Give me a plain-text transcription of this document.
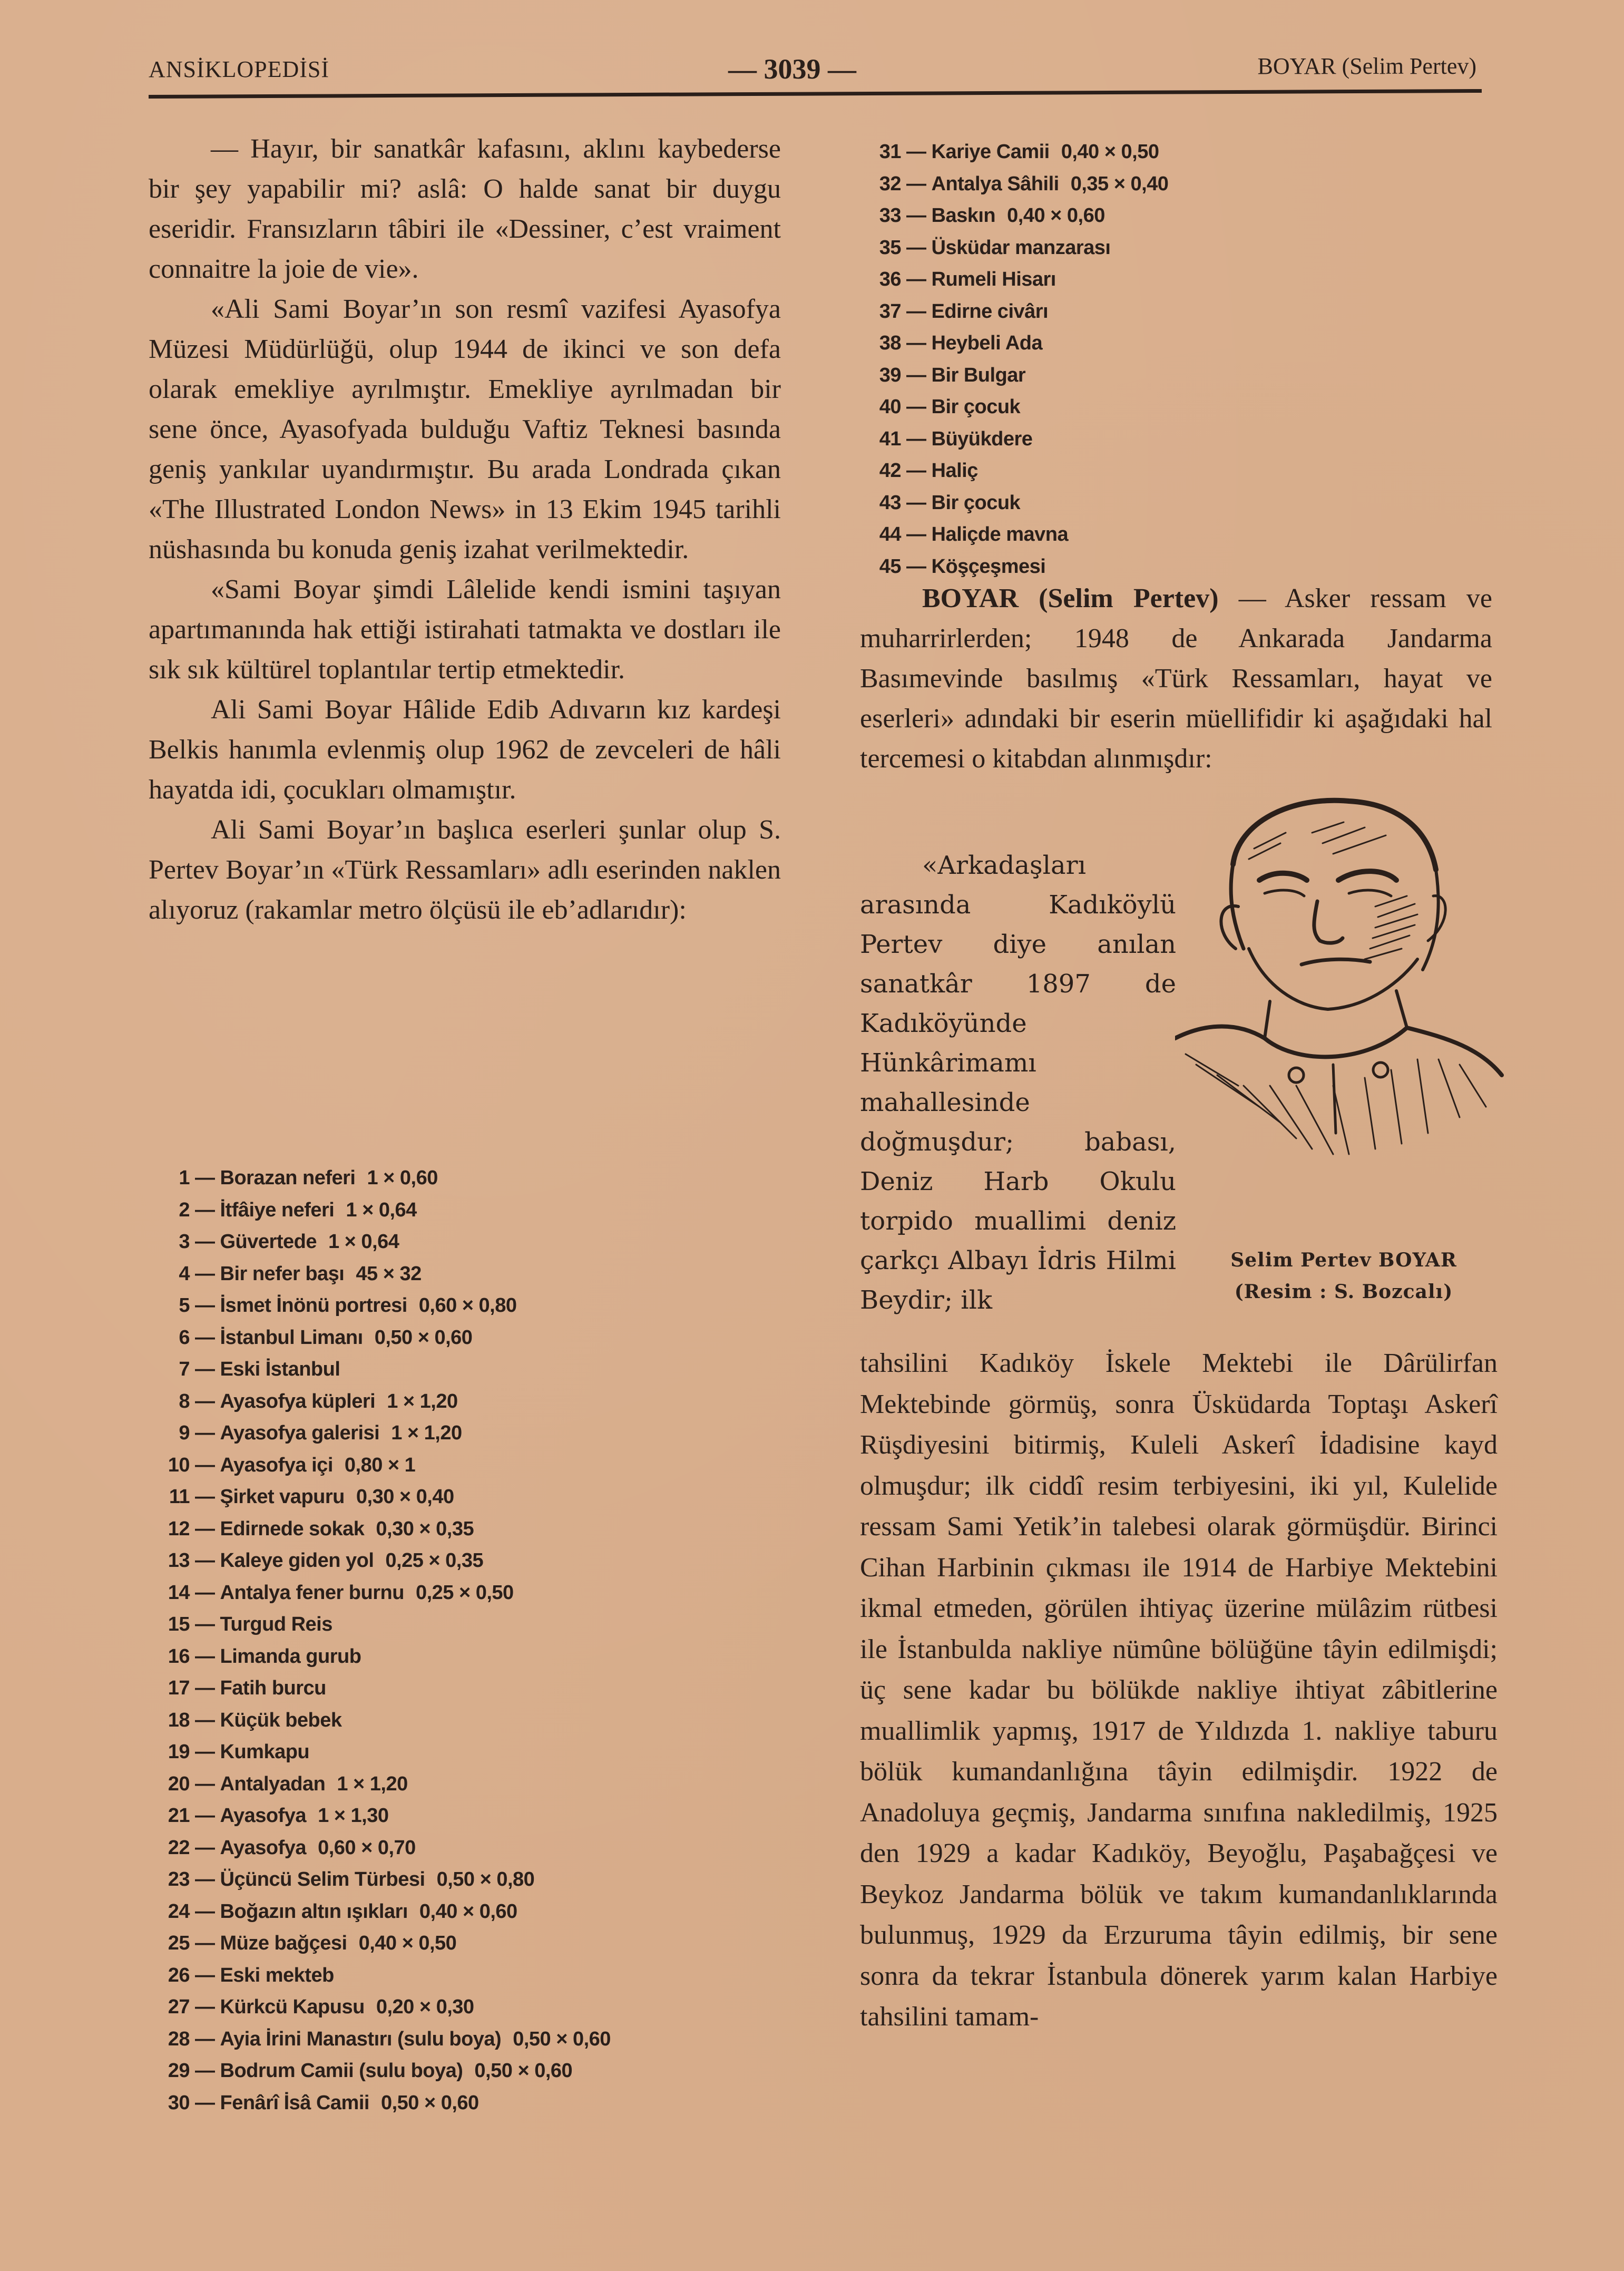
ANSİKLOPEDİSİ	— 3039 —	BOYAR (Selim Pertev)

— Hayır, bir sanatkâr kafasını, aklını kaybederse bir şey yapabilir mi? aslâ: O halde sanat bir duygu eseridir. Fransızların tâbiri ile «Dessiner, c’est vraiment connaitre la joie de vie».

«Ali Sami Boyar’ın son resmî vazifesi Ayasofya Müzesi Müdürlüğü, olup 1944 de ikinci ve son defa olarak emekliye ayrılmıştır. Emekliye ayrılmadan bir sene önce, Ayasofyada bulduğu Vaftiz Teknesi basında geniş yankılar uyandırmıştır. Bu arada Londrada çıkan «The Illustrated London News» in 13 Ekim 1945 tarihli nüshasında bu konuda geniş izahat verilmektedir.

«Sami Boyar şimdi Lâlelide kendi ismini taşıyan apartımanında hak ettiği istirahati tatmakta ve dostları ile sık sık kültürel toplantılar tertip etmektedir.

Ali Sami Boyar Hâlide Edib Adıvarın kız kardeşi Belkis hanımla evlenmiş olup 1962 de zevceleri de hâli hayatda idi, çocukları olmamıştır.

Ali Sami Boyar’ın başlıca eserleri şunlar olup S. Pertev Boyar’ın «Türk Ressamları» adlı eserinden naklen alıyoruz (rakamlar metro ölçüsü ile eb’adlarıdır):

1 — Borazan neferi 1 × 0,60
2 — İtfâiye neferi 1 × 0,64
3 — Güvertede 1 × 0,64
4 — Bir nefer başı 45 × 32
5 — İsmet İnönü portresi 0,60 × 0,80
6 — İstanbul Limanı 0,50 × 0,60
7 — Eski İstanbul
8 — Ayasofya küpleri 1 × 1,20
9 — Ayasofya galerisi 1 × 1,20
10 — Ayasofya içi 0,80 × 1
11 — Şirket vapuru 0,30 × 0,40
12 — Edirnede sokak 0,30 × 0,35
13 — Kaleye giden yol 0,25 × 0,35
14 — Antalya fener burnu 0,25 × 0,50
15 — Turgud Reis
16 — Limanda gurub
17 — Fatih burcu
18 — Küçük bebek
19 — Kumkapu
20 — Antalyadan 1 × 1,20
21 — Ayasofya 1 × 1,30
22 — Ayasofya 0,60 × 0,70
23 — Üçüncü Selim Türbesi 0,50 × 0,80
24 — Boğazın altın ışıkları 0,40 × 0,60
25 — Müze bağçesi 0,40 × 0,50
26 — Eski mekteb
27 — Kürkcü Kapusu 0,20 × 0,30
28 — Ayia İrini Manastırı (sulu boya) 0,50 × 0,60
29 — Bodrum Camii (sulu boya) 0,50 × 0,60
30 — Fenârî İsâ Camii 0,50 × 0,60
31 — Kariye Camii 0,40 × 0,50
32 — Antalya Sâhili 0,35 × 0,40
33 — Baskın 0,40 × 0,60
35 — Üsküdar manzarası
36 — Rumeli Hisarı
37 — Edirne civârı
38 — Heybeli Ada
39 — Bir Bulgar
40 — Bir çocuk
41 — Büyükdere
42 — Haliç
43 — Bir çocuk
44 — Haliçde mavna
45 — Köşçeşmesi

BOYAR (Selim Pertev) — Asker ressam ve muharrirlerden; 1948 de Ankarada Jandarma Basımevinde basılmış «Türk Ressamları, hayat ve eserleri» adındaki bir eserin müellifidir ki aşağıdaki hal tercemesi o kitabdan alınmışdır:

«Arkadaşları arasında Kadıköylü Pertev diye anılan sanatkâr 1897 de Kadıköyünde Hünkârimamı mahallesinde doğmuşdur; babası, Deniz Harb Okulu torpido muallimi deniz çarkçı Albayı İdris Hilmi Beydir; ilk

Selim Pertev BOYAR
(Resim : S. Bozcalı)

tahsilini Kadıköy İskele Mektebi ile Dârülirfan Mektebinde görmüş, sonra Üsküdarda Toptaşı Askerî Rüşdiyesini bitirmiş, Kuleli Askerî İdadisine kayd olmuşdur; ilk ciddî resim terbiyesini, iki yıl, Kulelide ressam Sami Yetik’in talebesi olarak görmüşdür. Birinci Cihan Harbinin çıkması ile 1914 de Harbiye Mektebini ikmal etmeden, görülen ihtiyaç üzerine mülâzim rütbesi ile İstanbulda nakliye nümûne bölüğüne tâyin edilmişdi; üç sene kadar bu bölükde nakliye ihtiyat zâbitlerine muallimlik yapmış, 1917 de Yıldızda 1. nakliye taburu bölük kumandanlığına tâyin edilmişdir. 1922 de Anadoluya geçmiş, Jandarma sınıfına nakledilmiş, 1925 den 1929 a kadar Kadıköy, Beyoğlu, Paşabağçesi ve Beykoz Jandarma bölük ve takım kumandanlıklarında bulunmuş, 1929 da Erzuruma tâyin edilmiş, bir sene sonra da tekrar İstanbula dönerek yarım kalan Harbiye tahsilini tamam-
